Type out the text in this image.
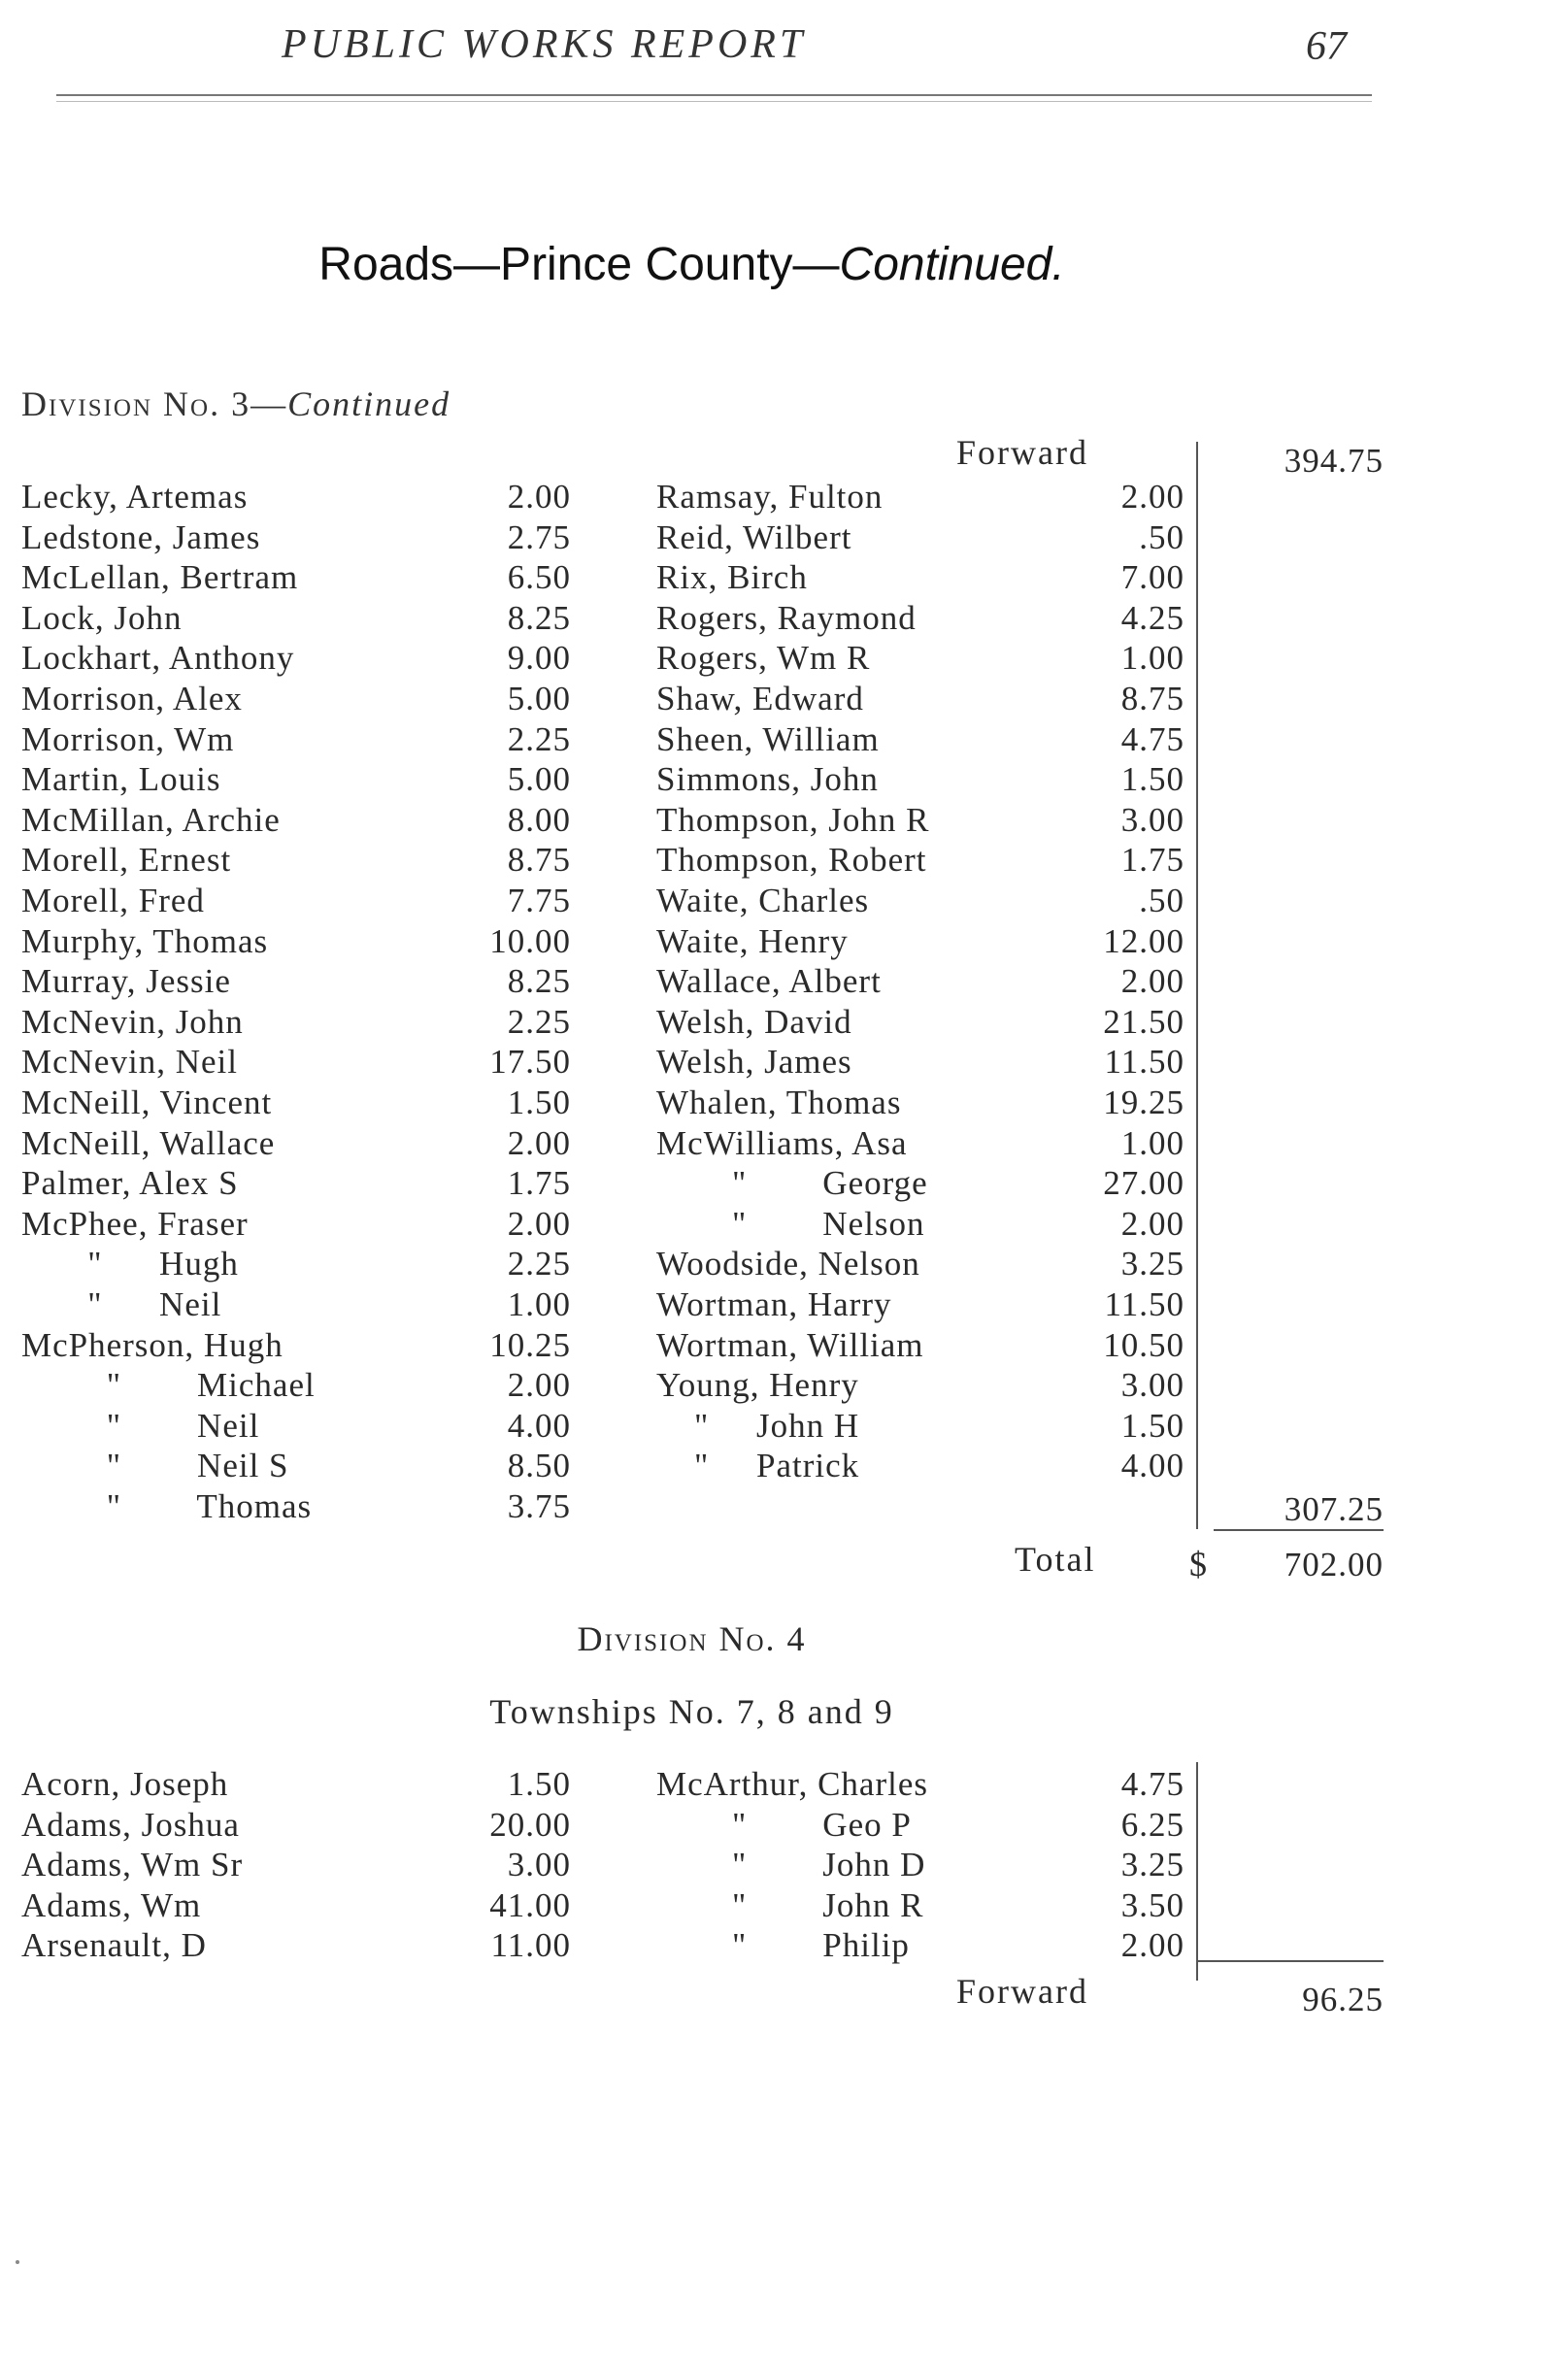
PUBLIC WORKS REPORT	67
Roads—Prince County—Continued.
Division No. 3—Continued
Forward	394.75
Lecky, Artemas	2.00
Ledstone, James	2.75
McLellan, Bertram	6.50
Lock, John	8.25
Lockhart, Anthony	9.00
Morrison, Alex	5.00
Morrison, Wm	2.25
Martin, Louis	5.00
McMillan, Archie	8.00
Morell, Ernest	8.75
Morell, Fred	7.75
Murphy, Thomas	10.00
Murray, Jessie	8.25
McNevin, John	2.25
McNevin, Neil	17.50
McNeill, Vincent	1.50
McNeill, Wallace	2.00
Palmer, Alex S	1.75
McPhee, Fraser	2.00
"      Hugh	2.25
"      Neil	1.00
McPherson, Hugh	10.25
"        Michael	2.00
"        Neil	4.00
"        Neil S	8.50
"        Thomas	3.75
Ramsay, Fulton	2.00
Reid, Wilbert	.50
Rix, Birch	7.00
Rogers, Raymond	4.25
Rogers, Wm R	1.00
Shaw, Edward	8.75
Sheen, William	4.75
Simmons, John	1.50
Thompson, John R	3.00
Thompson, Robert	1.75
Waite, Charles	.50
Waite, Henry	12.00
Wallace, Albert	2.00
Welsh, David	21.50
Welsh, James	11.50
Whalen, Thomas	19.25
McWilliams, Asa	1.00
"        George	27.00
"        Nelson	2.00
Woodside, Nelson	3.25
Wortman, Harry	11.50
Wortman, William	10.50
Young, Henry	3.00
"     John H	1.50
"     Patrick	4.00
307.25
Total	$	702.00
Division No. 4
Townships No. 7, 8 and 9
Acorn, Joseph	1.50
Adams, Joshua	20.00
Adams, Wm Sr	3.00
Adams, Wm	41.00
Arsenault, D	11.00
McArthur, Charles	4.75
"        Geo P	6.25
"        John D	3.25
"        John R	3.50
"        Philip	2.00
Forward	96.25
